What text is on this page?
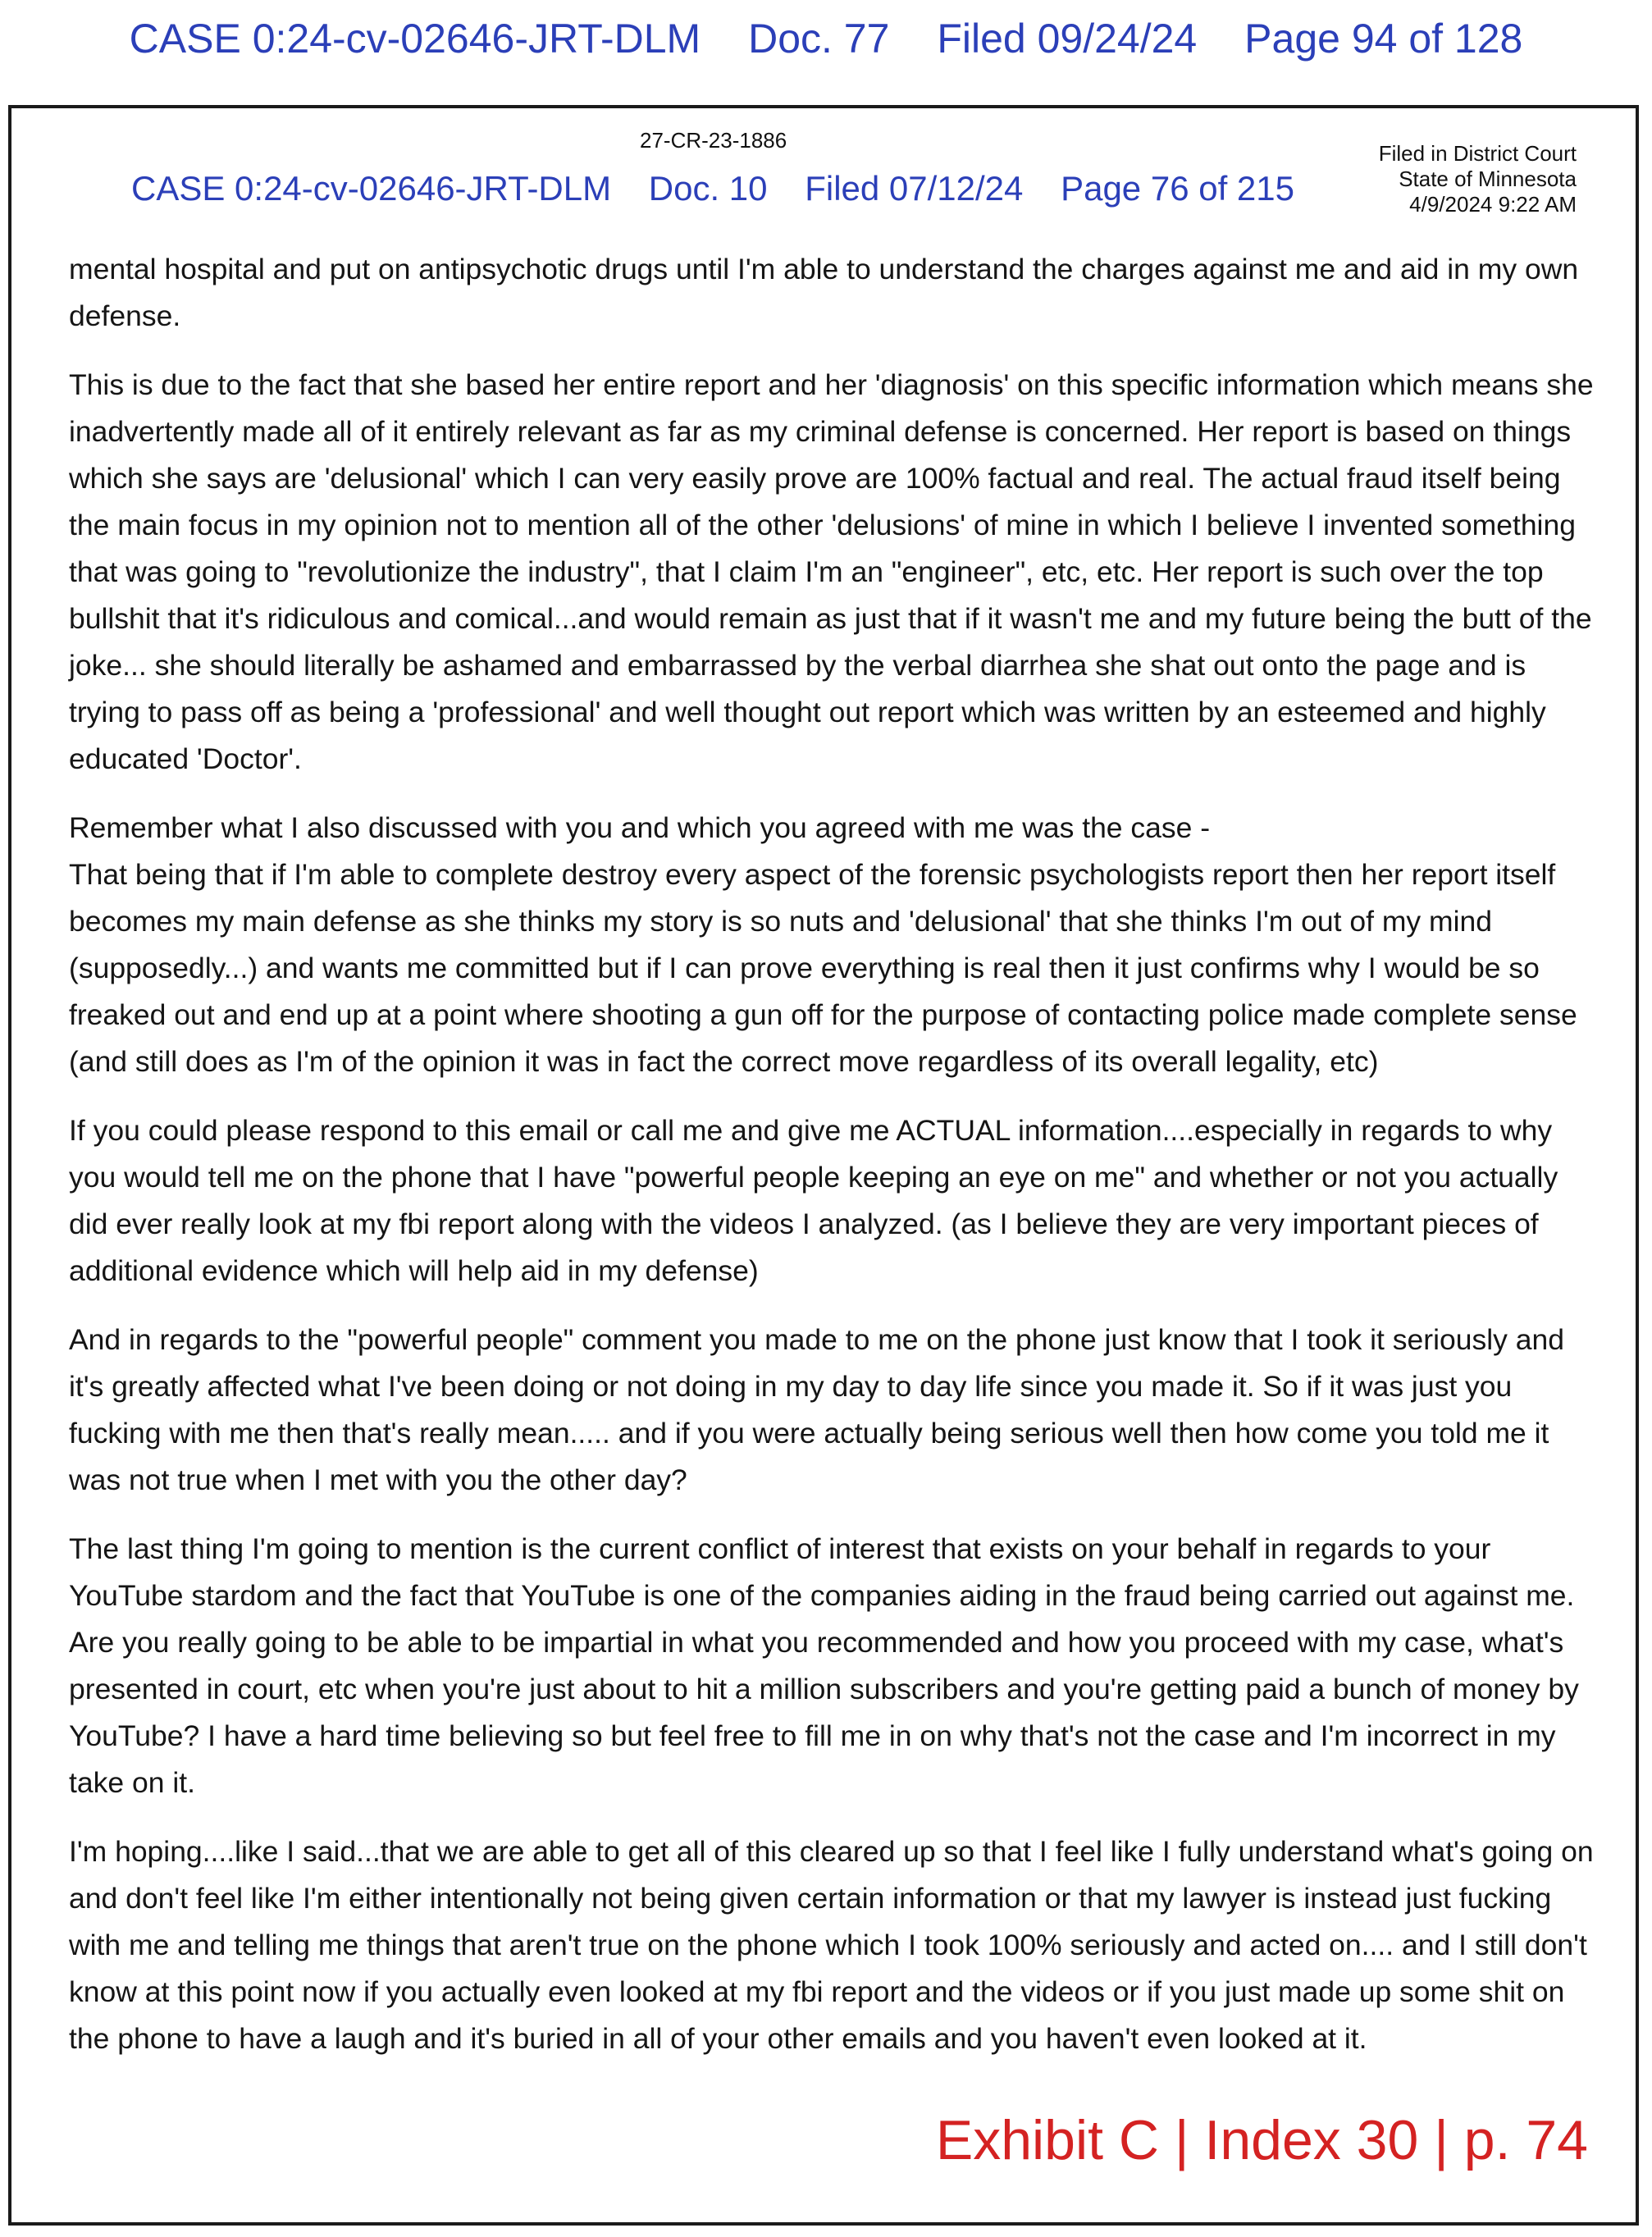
CASE 0:24-cv-02646-JRT-DLM Doc. 77 Filed 09/24/24 Page 94 of 128
27-CR-23-1886
CASE 0:24-cv-02646-JRT-DLM Doc. 10 Filed 07/12/24 Page 76 of 215
Filed in District Court
State of Minnesota
4/9/2024 9:22 AM

mental hospital and put on antipsychotic drugs until I'm able to understand the charges against me and aid in my own defense.

This is due to the fact that she based her entire report and her 'diagnosis' on this specific information which means she inadvertently made all of it entirely relevant as far as my criminal defense is concerned. Her report is based on things which she says are 'delusional' which I can very easily prove are 100% factual and real. The actual fraud itself being the main focus in my opinion not to mention all of the other 'delusions' of mine in which I believe I invented something that was going to "revolutionize the industry", that I claim I'm an "engineer", etc, etc. Her report is such over the top bullshit that it's ridiculous and comical...and would remain as just that if it wasn't me and my future being the butt of the joke... she should literally be ashamed and embarrassed by the verbal diarrhea she shat out onto the page and is trying to pass off as being a 'professional' and well thought out report which was written by an esteemed and highly educated 'Doctor'.

Remember what I also discussed with you and which you agreed with me was the case -

That being that if I'm able to complete destroy every aspect of the forensic psychologists report then her report itself becomes my main defense as she thinks my story is so nuts and 'delusional' that she thinks I'm out of my mind (supposedly...) and wants me committed but if I can prove everything is real then it just confirms why I would be so freaked out and end up at a point where shooting a gun off for the purpose of contacting police made complete sense (and still does as I'm of the opinion it was in fact the correct move regardless of its overall legality, etc)

If you could please respond to this email or call me and give me ACTUAL information....especially in regards to why you would tell me on the phone that I have "powerful people keeping an eye on me" and whether or not you actually did ever really look at my fbi report along with the videos I analyzed. (as I believe they are very important pieces of additional evidence which will help aid in my defense)

And in regards to the "powerful people" comment you made to me on the phone just know that I took it seriously and it's greatly affected what I've been doing or not doing in my day to day life since you made it. So if it was just you fucking with me then that's really mean..... and if you were actually being serious well then how come you told me it was not true when I met with you the other day?

The last thing I'm going to mention is the current conflict of interest that exists on your behalf in regards to your YouTube stardom and the fact that YouTube is one of the companies aiding in the fraud being carried out against me. Are you really going to be able to be impartial in what you recommended and how you proceed with my case, what's presented in court, etc when you're just about to hit a million subscribers and you're getting paid a bunch of money by YouTube? I have a hard time believing so but feel free to fill me in on why that's not the case and I'm incorrect in my take on it.

I'm hoping....like I said...that we are able to get all of this cleared up so that I feel like I fully understand what's going on and don't feel like I'm either intentionally not being given certain information or that my lawyer is instead just fucking with me and telling me things that aren't true on the phone which I took 100% seriously and acted on.... and I still don't know at this point now if you actually even looked at my fbi report and the videos or if you just made up some shit on the phone to have a laugh and it's buried in all of your other emails and you haven't even looked at it.

Exhibit C | Index 30 | p. 74
